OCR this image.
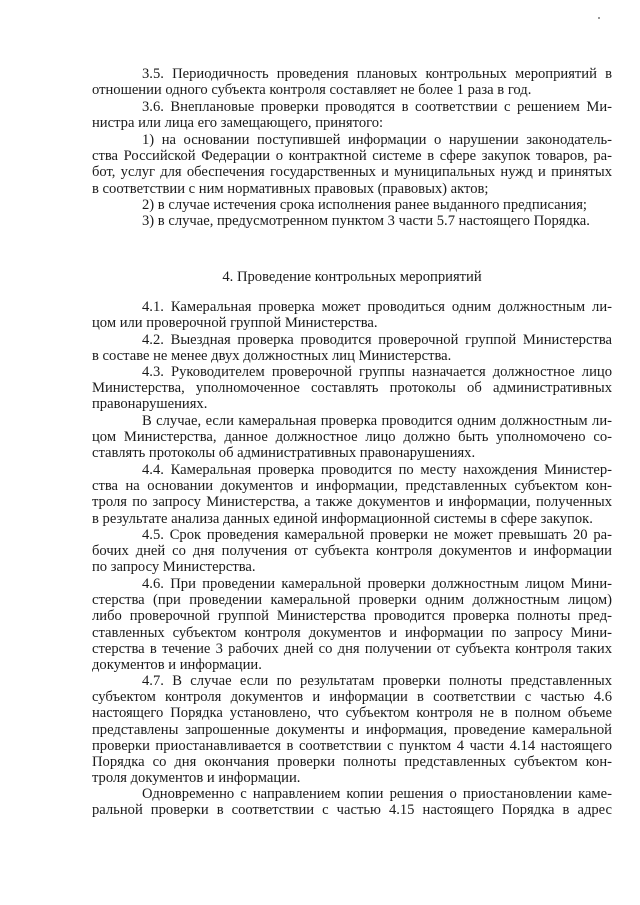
3.5. Периодичность проведения плановых контрольных мероприятий в
отношении одного субъекта контроля составляет не более 1 раза в год.
3.6. Внеплановые проверки проводятся в соответствии с решением Ми-
нистра или лица его замещающего, принятого:
1) на основании поступившей информации о нарушении законодатель-
ства Российской Федерации о контрактной системе в сфере закупок товаров, ра-
бот, услуг для обеспечения государственных и муниципальных нужд и принятых
в соответствии с ним нормативных правовых (правовых) актов;
2) в случае истечения срока исполнения ранее выданного предписания;
3) в случае, предусмотренном пунктом 3 части 5.7 настоящего Порядка.
4. Проведение контрольных мероприятий
4.1. Камеральная проверка может проводиться одним должностным ли-
цом или проверочной группой Министерства.
4.2. Выездная проверка проводится проверочной группой Министерства
в составе не менее двух должностных лиц Министерства.
4.3. Руководителем проверочной группы назначается должностное лицо
Министерства, уполномоченное составлять протоколы об административных
правонарушениях.
В случае, если камеральная проверка проводится одним должностным ли-
цом Министерства, данное должностное лицо должно быть уполномочено со-
ставлять протоколы об административных правонарушениях.
4.4. Камеральная проверка проводится по месту нахождения Министер-
ства на основании документов и информации, представленных субъектом кон-
троля по запросу Министерства, а также документов и информации, полученных
в результате анализа данных единой информационной системы в сфере закупок.
4.5. Срок проведения камеральной проверки не может превышать 20 ра-
бочих дней со дня получения от субъекта контроля документов и информации
по запросу Министерства.
4.6. При проведении камеральной проверки должностным лицом Мини-
стерства (при проведении камеральной проверки одним должностным лицом)
либо проверочной группой Министерства проводится проверка полноты пред-
ставленных субъектом контроля документов и информации по запросу Мини-
стерства в течение 3 рабочих дней со дня получении от субъекта контроля таких
документов и информации.
4.7. В случае если по результатам проверки полноты представленных
субъектом контроля документов и информации в соответствии с частью 4.6
настоящего Порядка установлено, что субъектом контроля не в полном объеме
представлены запрошенные документы и информация, проведение камеральной
проверки приостанавливается в соответствии с пунктом 4 части 4.14 настоящего
Порядка со дня окончания проверки полноты представленных субъектом кон-
троля документов и информации.
Одновременно с направлением копии решения о приостановлении каме-
ральной проверки в соответствии с частью 4.15 настоящего Порядка в адрес
